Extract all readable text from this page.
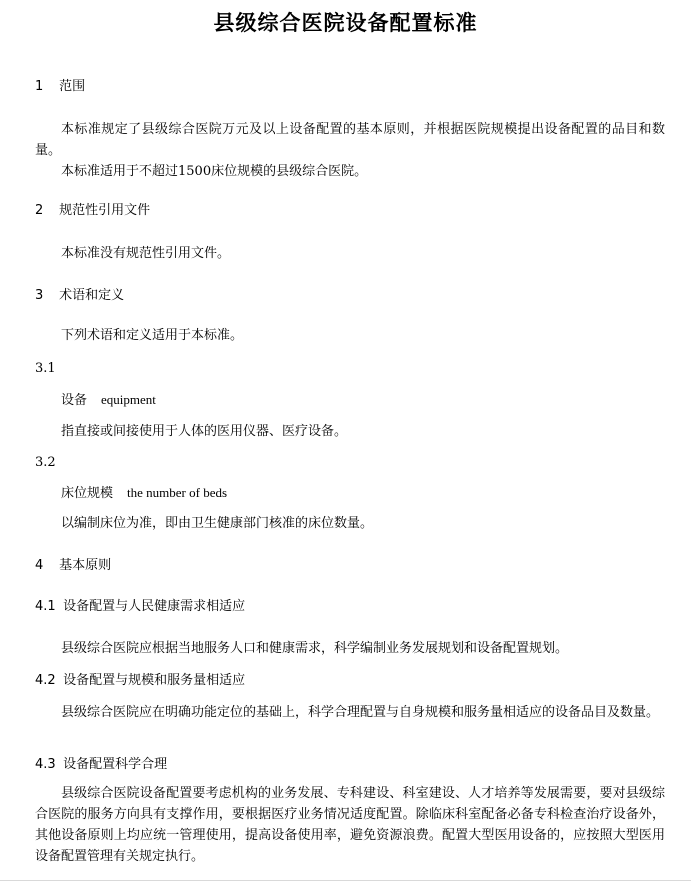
县级综合医院设备配置标准
1 范围
本标准规定了县级综合医院万元及以上设备配置的基本原则，并根据医院规模提出设备配置的品目和数量。
本标准适用于不超过1500床位规模的县级综合医院。
2 规范性引用文件
本标准没有规范性引用文件。
3 术语和定义
下列术语和定义适用于本标准。
3.1
设备 equipment
指直接或间接使用于人体的医用仪器、医疗设备。
3.2
床位规模 the number of beds
以编制床位为准，即由卫生健康部门核准的床位数量。
4 基本原则
4.1 设备配置与人民健康需求相适应
县级综合医院应根据当地服务人口和健康需求，科学编制业务发展规划和设备配置规划。
4.2 设备配置与规模和服务量相适应
县级综合医院应在明确功能定位的基础上，科学合理配置与自身规模和服务量相适应的设备品目及数量。
4.3 设备配置科学合理
县级综合医院设备配置要考虑机构的业务发展、专科建设、科室建设、人才培养等发展需要，要对县级综合医院的服务方向具有支撑作用，要根据医疗业务情况适度配置。除临床科室配备必备专科检查治疗设备外，其他设备原则上均应统一管理使用，提高设备使用率，避免资源浪费。配置大型医用设备的，应按照大型医用设备配置管理有关规定执行。
